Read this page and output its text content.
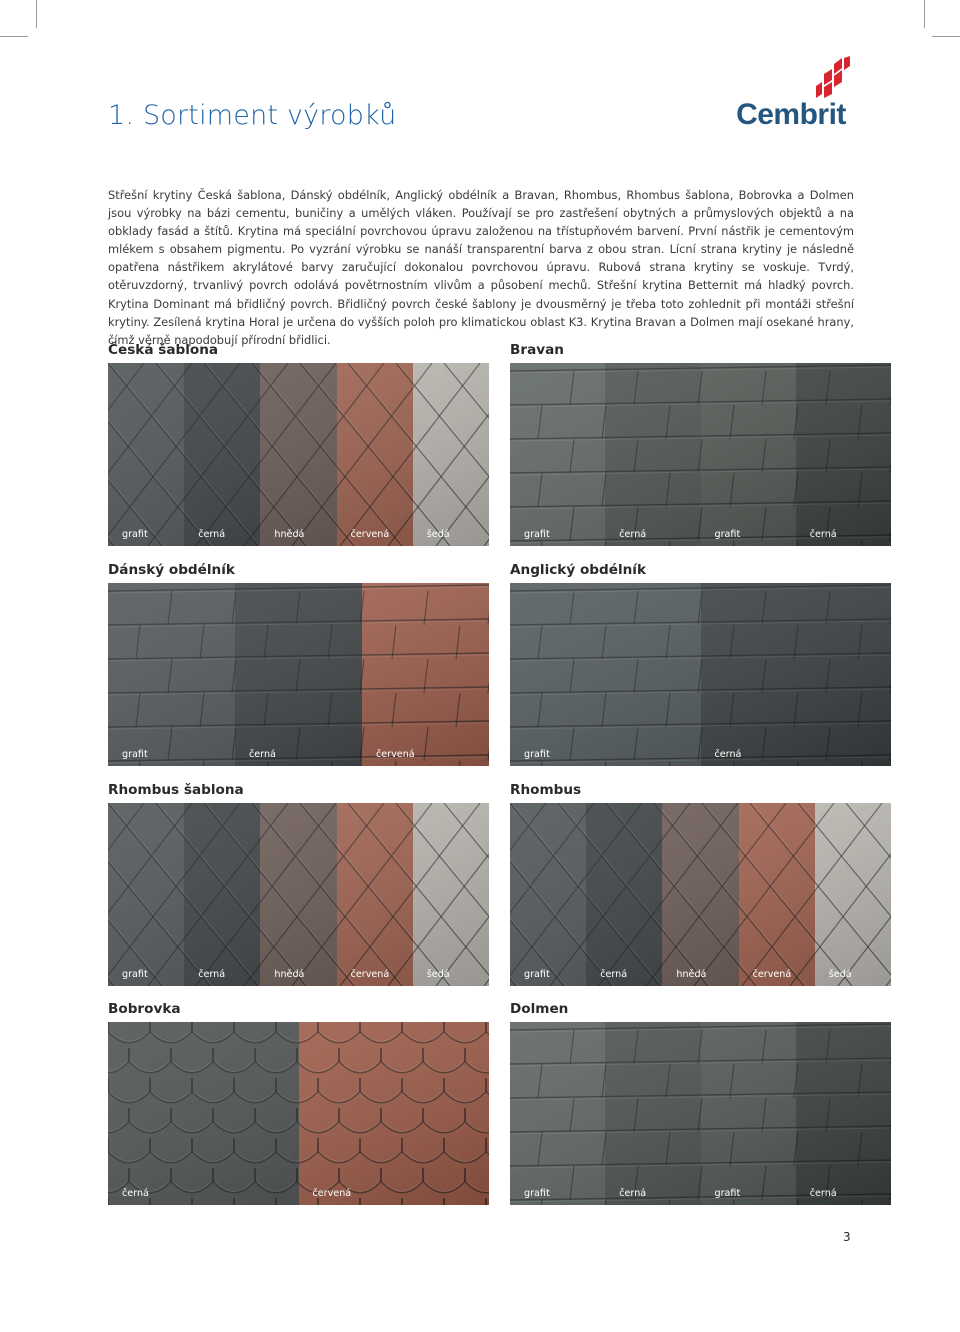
1. Sortiment výrobků	Cembrit

Střešní krytiny Česká šablona, Dánský obdélník, Anglický obdélník a Bravan, Rhombus, Rhombus šablona, Bobrovka a Dolmen jsou výrobky na bázi cementu, buničiny a umělých vláken. Používají se pro zastřešení obytných a průmyslových objektů a na obklady fasád a štítů. Krytina má speciální povrchovou úpravu založenou na třístupňovém barvení. První nástřik je cementovým mlékem s obsahem pigmentu. Po vyzrání výrobku se nanáší transparentní barva z obou stran. Lícní strana krytiny je následně opatřena nástřikem akrylátové barvy zaručující dokonalou povrchovou úpravu. Rubová strana krytiny se voskuje. Tvrdý, otěruvzdorný, trvanlivý povrch odolává povětrnostním vlivům a působení mechů. Střešní krytina Betternit má hladký povrch. Krytina Dominant má břidličný povrch. Břidličný povrch české šablony je dvousměrný je třeba toto zohlednit při montáži střešní krytiny. Zesílená krytina Horal je určena do vyšších poloh pro klimatickou oblast K3. Krytina Bravan a Dolmen mají osekané hrany, čímž věrně napodobují přírodní břidlici.

Česká šablona
grafit	černá	hnědá	červená	šedá
Bravan
grafit	černá	grafit	černá
Dánský obdélník
grafit	černá	červená
Anglický obdélník
grafit	černá
Rhombus šablona
grafit	černá	hnědá	červená	šedá
Rhombus
grafit	černá	hnědá	červená	šedá
Bobrovka
černá	červená
Dolmen
grafit	černá	grafit	černá
3
